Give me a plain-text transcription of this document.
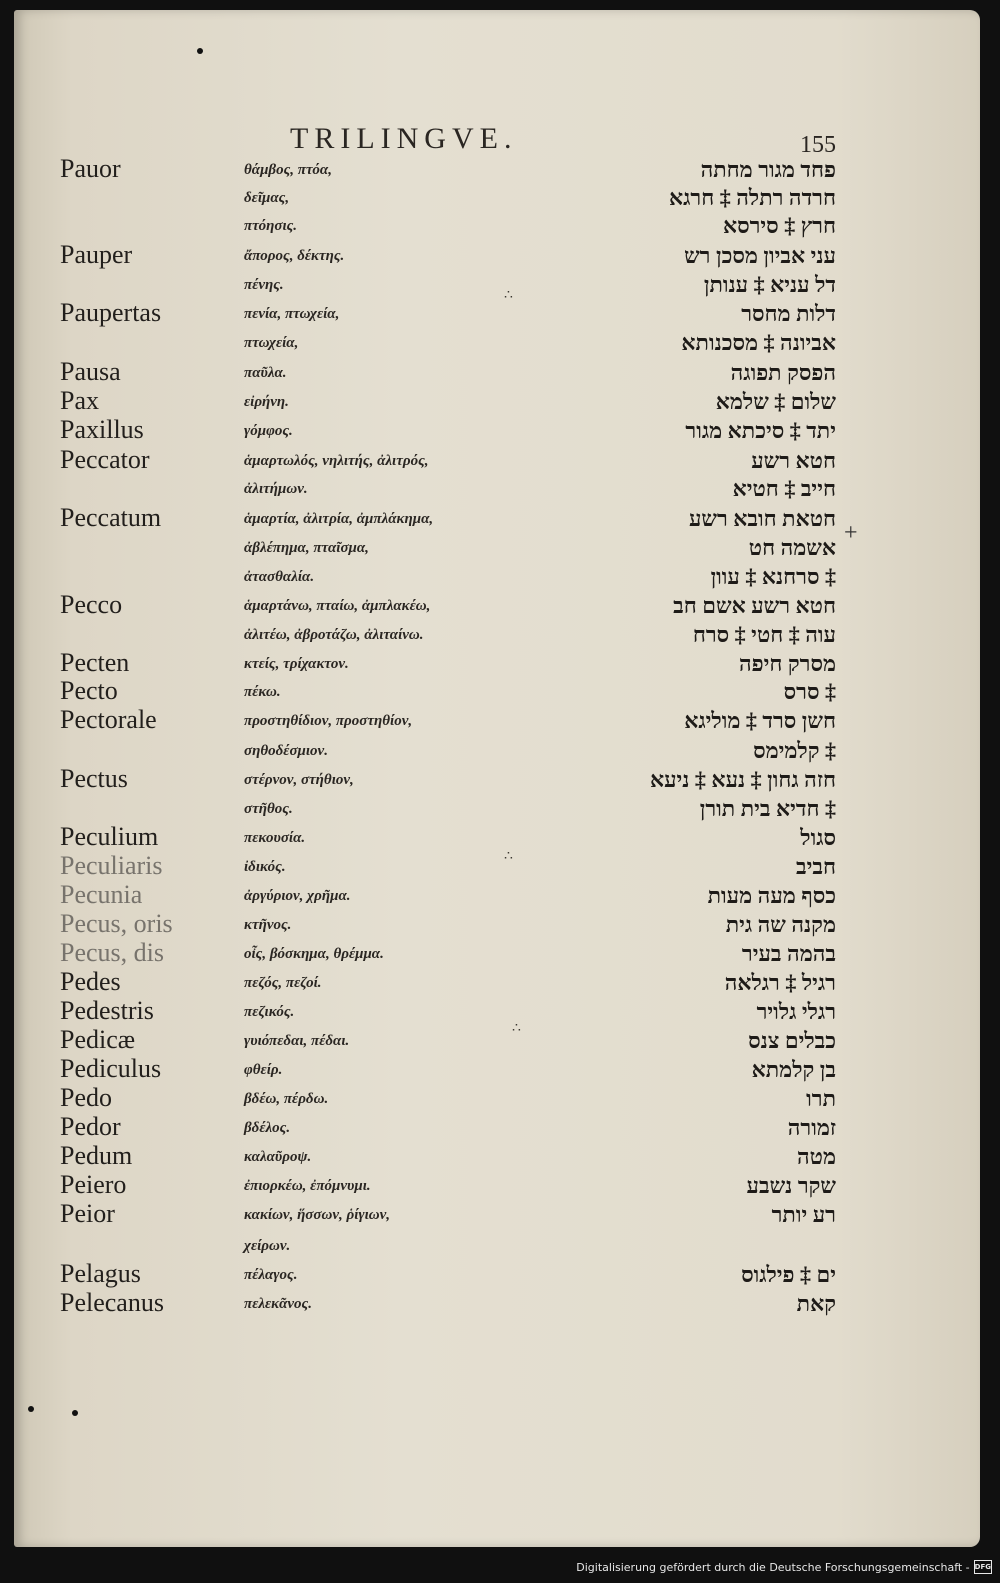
TRILINGVE.	155
Pauor	θάμβος, πτόα,	פחד מגור מחתה
δεῖμας,	חרדה רתלה ‡ חרגא
πτόησις.	חרץ ‡ סירסא
Pauper	ἄπορος, δέκτης.	עני אביון מסכן רש
πένης.	דל עניא ‡ ענותן
Paupertas	πενία, πτωχεία,	דלות מחסר
πτωχεία,	אביונה ‡ מסכנותא
Pausa	παῦλα.	הפסק תפוגה
Pax	εἰρήνη.	שלום ‡ שלמא
Paxillus	γόμφος.	יתד ‡ סיכתא מגור
Peccator	ἁμαρτωλός, νηλιτής, ἀλιτρός,	חטא רשע
ἀλιτήμων.	חייב ‡ חטיא
Peccatum	ἁμαρτία, ἀλιτρία, ἀμπλάκημα,	חטאת חובא רשע
ἀβλέπημα, πταῖσμα,	אשמה חט
ἀτασθαλία.	‡ סרחנא ‡ עוון
Pecco	ἁμαρτάνω, πταίω, ἀμπλακέω,	חטא רשע אשם חב
ἀλιτέω, ἀβροτάζω, ἀλιταίνω.	עוה ‡ חטי ‡ סרח
Pecten	κτείς, τρίχακτον.	מסרק חיפה
Pecto	πέκω.	‡ סרס
Pectorale	προστηθίδιον, προστηθίον,	חשן סרד ‡ מוליגא
σηθοδέσμιον.	‡ קלמימס
Pectus	στέρνον, στήθιον,	חזה גחון ‡ נעא ‡ ניעא
στῆθος.	‡ חדיא בית תורן
Peculium	πεκουσία.	סגול
Peculiaris	ἰδικός.	חביב
Pecunia	ἀργύριον, χρῆμα.	כסף מעה מעות
Pecus, oris	κτῆνος.	מקנה שה גית
Pecus, dis	οἶς, βόσκημα, θρέμμα.	בהמה בעיר
Pedes	πεζός, πεζοί.	רגיל ‡ רגלאה
Pedestris	πεζικός.	רגלי גלויר
Pedicæ	γυιόπεδαι, πέδαι.	כבלים צנס
Pediculus	φθείρ.	בן קלמתא
Pedo	βδέω, πέρδω.	תרו
Pedor	βδέλος.	זמורה
Pedum	καλαῦροψ.	מטה
Peiero	ἐπιορκέω, ἐπόμνυμι.	שקר נשבע
Peior	κακίων, ἥσσων, ῥίγιων,	רע יותר
χείρων.
Pelagus	πέλαγος.	ים ‡ פילגוס
Pelecanus	πελεκᾶνος.	קאת
+
∴
∴
∴
Digitalisierung gefördert durch die Deutsche Forschungsgemeinschaft - DFG
